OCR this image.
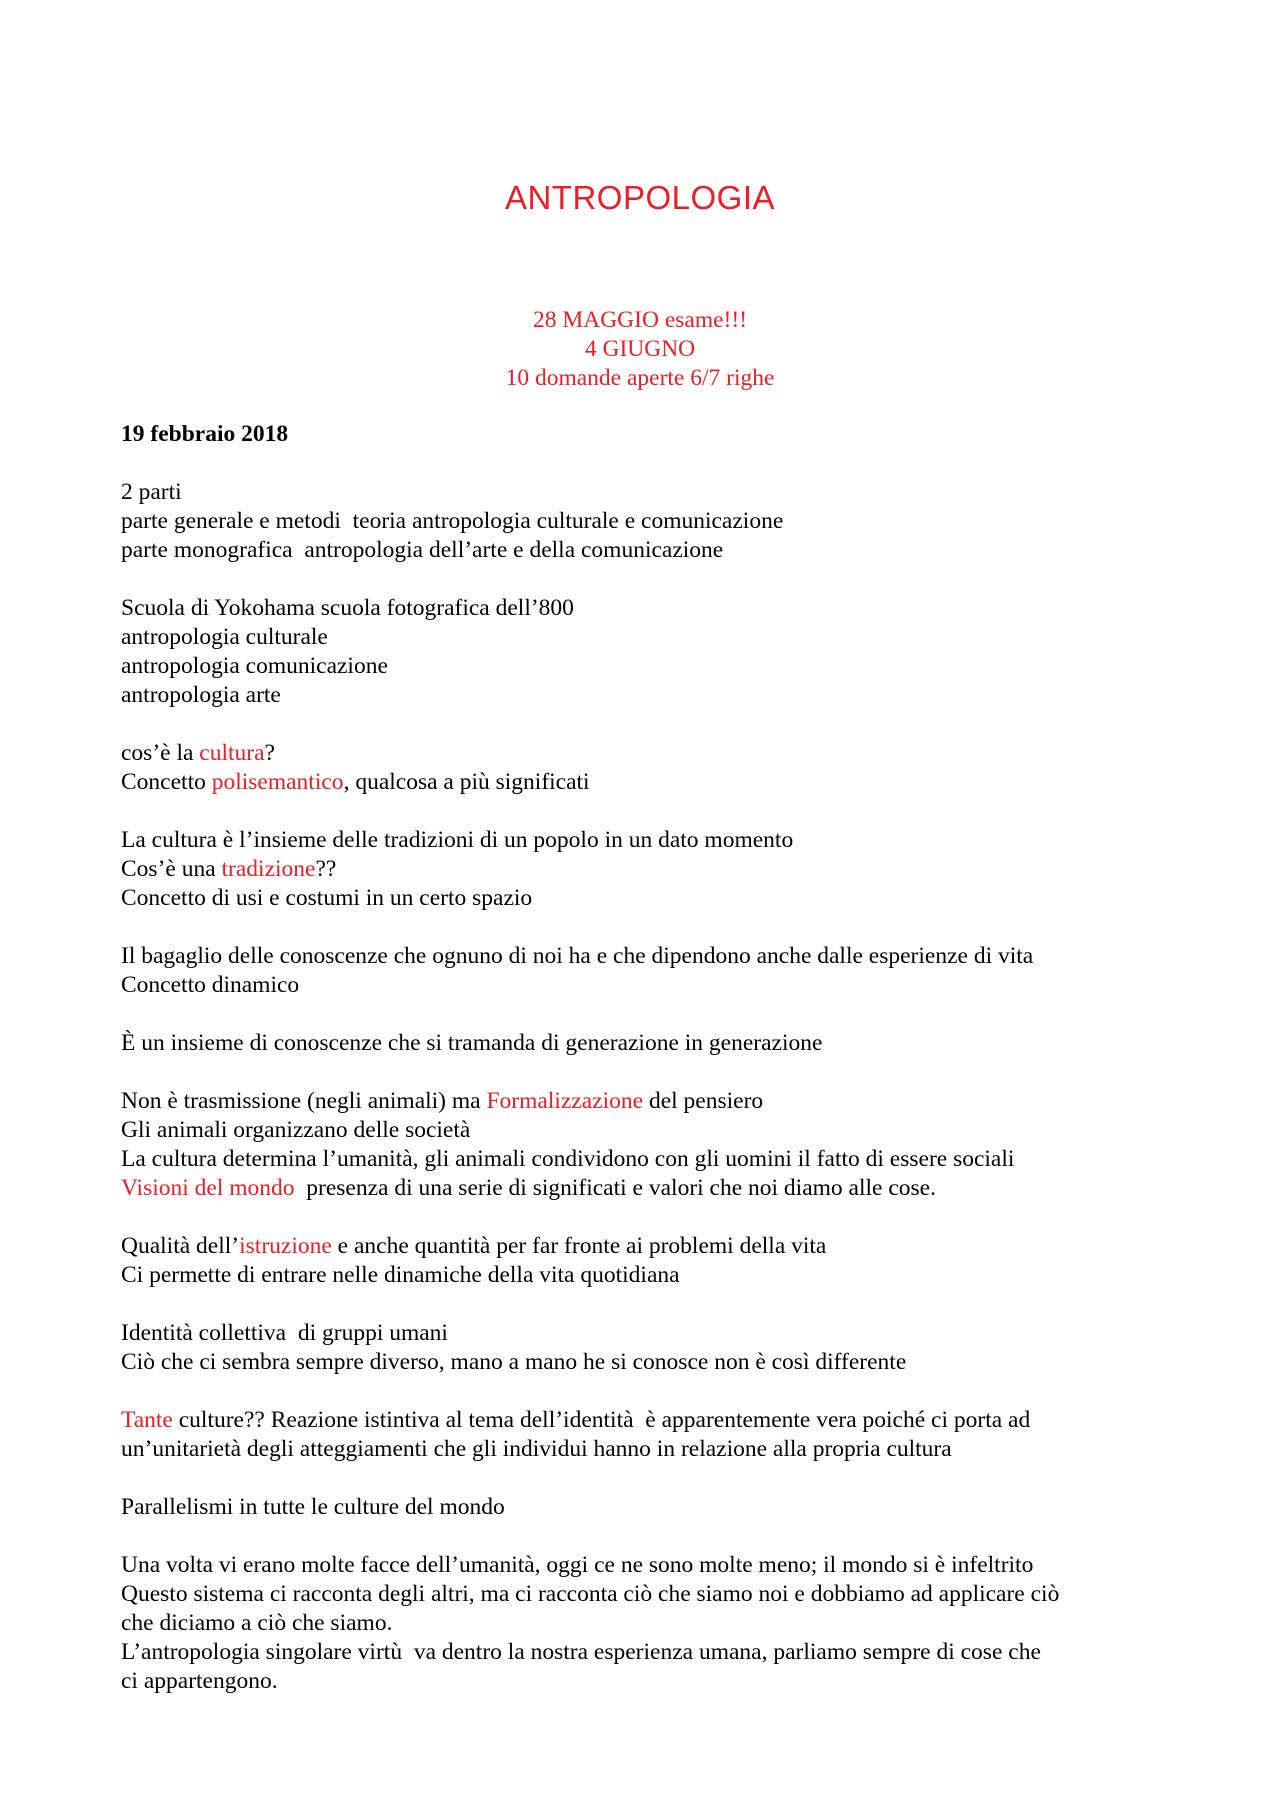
ANTROPOLOGIA
28 MAGGIO esame!!!
4 GIUGNO
10 domande aperte 6/7 righe
19 febbraio 2018
2 parti
parte generale e metodi  teoria antropologia culturale e comunicazione
parte monografica  antropologia dell’arte e della comunicazione
Scuola di Yokohama scuola fotografica dell’800
antropologia culturale
antropologia comunicazione
antropologia arte
cos’è la cultura?
Concetto polisemantico, qualcosa a più significati
La cultura è l’insieme delle tradizioni di un popolo in un dato momento
Cos’è una tradizione??
Concetto di usi e costumi in un certo spazio
Il bagaglio delle conoscenze che ognuno di noi ha e che dipendono anche dalle esperienze di vita
Concetto dinamico
È un insieme di conoscenze che si tramanda di generazione in generazione
Non è trasmissione (negli animali) ma Formalizzazione del pensiero
Gli animali organizzano delle società
La cultura determina l’umanità, gli animali condividono con gli uomini il fatto di essere sociali
Visioni del mondo  presenza di una serie di significati e valori che noi diamo alle cose.
Qualità dell’istruzione e anche quantità per far fronte ai problemi della vita
Ci permette di entrare nelle dinamiche della vita quotidiana
Identità collettiva  di gruppi umani
Ciò che ci sembra sempre diverso, mano a mano he si conosce non è così differente
Tante culture?? Reazione istintiva al tema dell’identità  è apparentemente vera poiché ci porta ad
un’unitarietà degli atteggiamenti che gli individui hanno in relazione alla propria cultura
Parallelismi in tutte le culture del mondo
Una volta vi erano molte facce dell’umanità, oggi ce ne sono molte meno; il mondo si è infeltrito
Questo sistema ci racconta degli altri, ma ci racconta ciò che siamo noi e dobbiamo ad applicare ciò
che diciamo a ciò che siamo.
L’antropologia singolare virtù  va dentro la nostra esperienza umana, parliamo sempre di cose che
ci appartengono.
